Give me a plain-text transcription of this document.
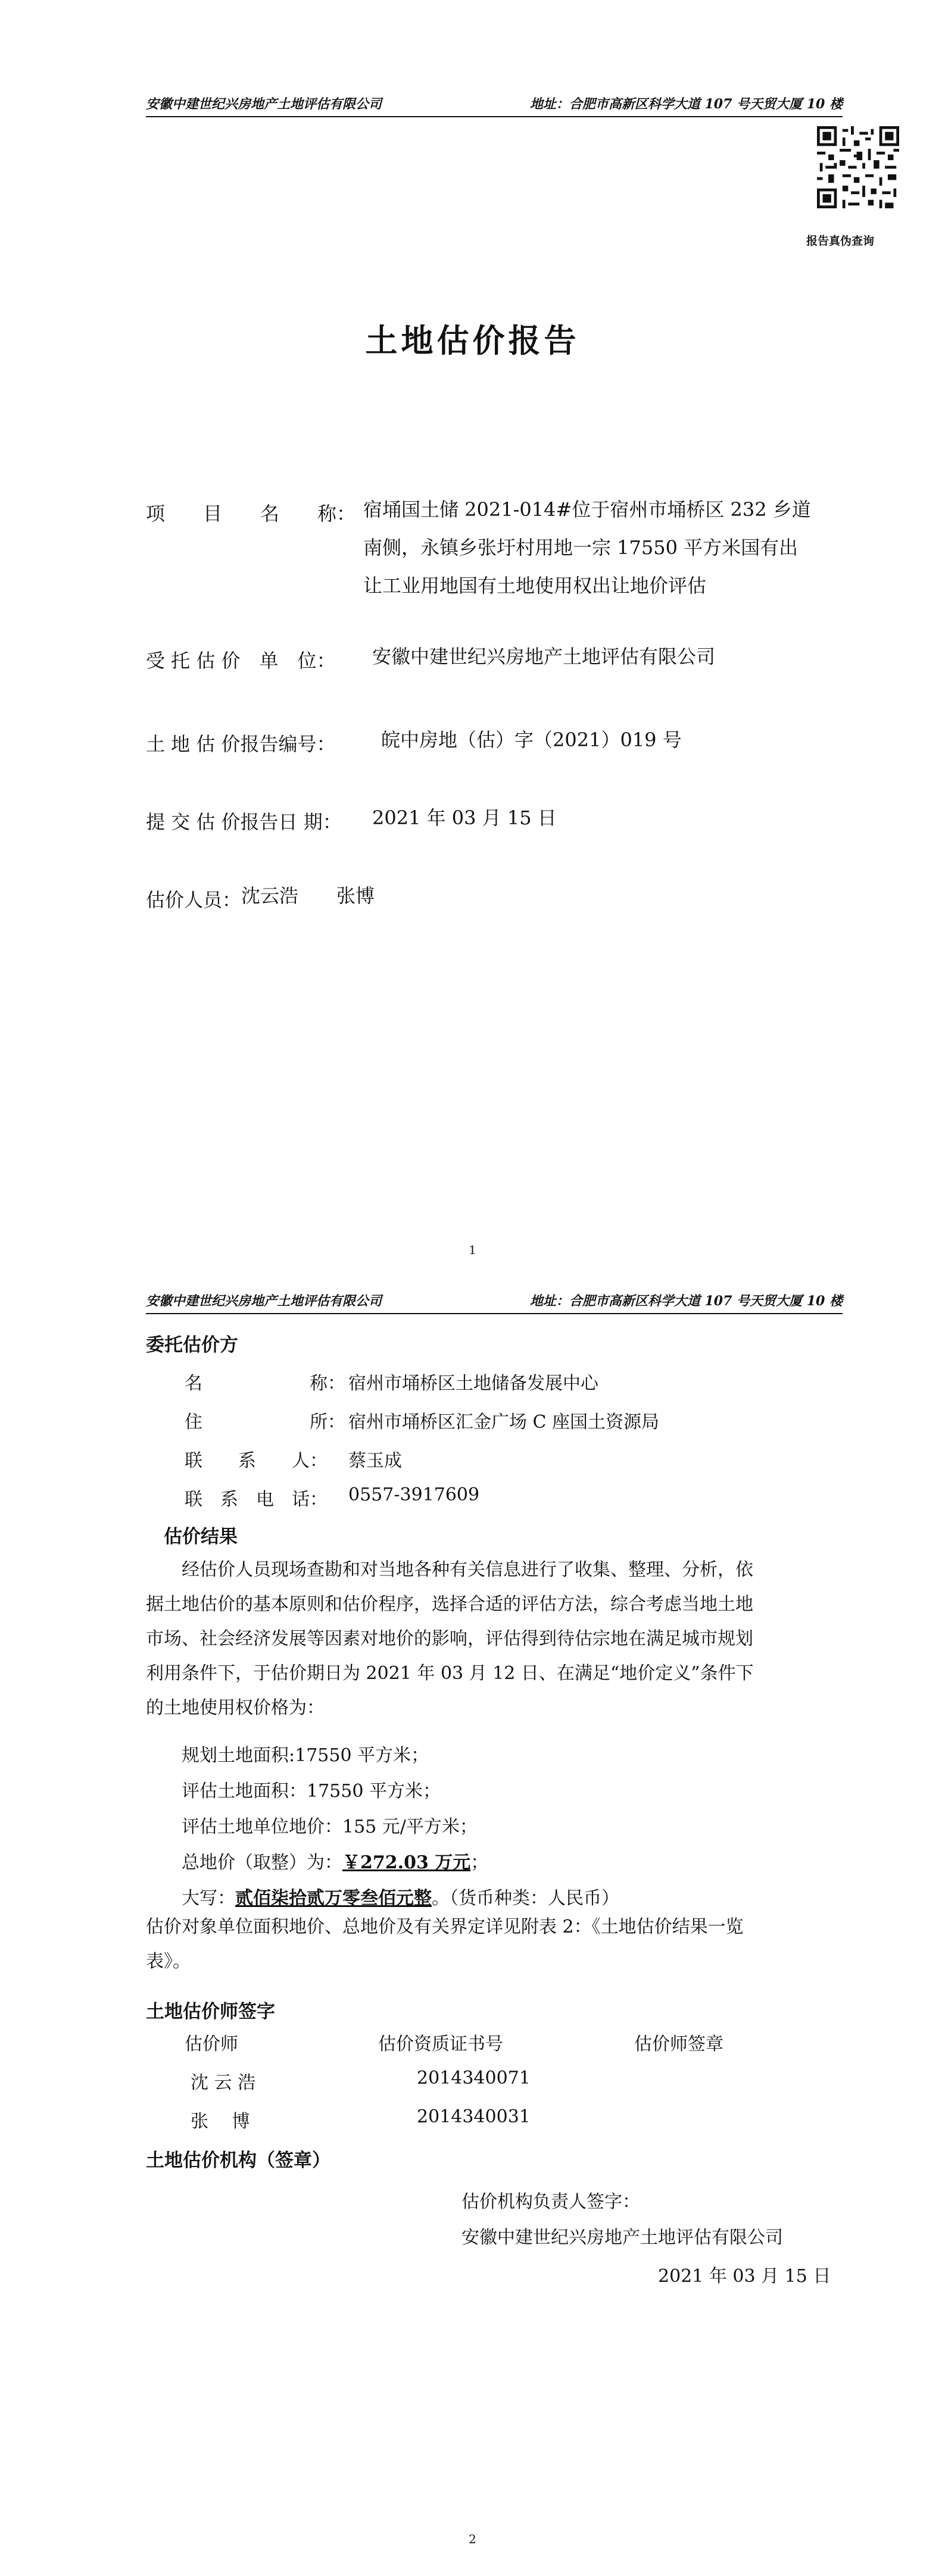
安徽中建世纪兴房地产土地评估有限公司	地址：合肥市高新区科学大道 107 号天贸大厦 10 楼
报告真伪查询
土地估价报告
项　　目　　名　　称： 宿埇国土储 2021-014#位于宿州市埇桥区 232 乡道
南侧，永镇乡张圩村用地一宗 17550 平方米国有出
让工业用地国有土地使用权出让地价评估
受 托 估 价　单　位： 安徽中建世纪兴房地产土地评估有限公司
土 地 估 价报告编号： 皖中房地（估）字（2021）019 号
提 交 估 价报告日 期： 2021 年 03 月 15 日
估价人员： 沈云浩　　张博
1
安徽中建世纪兴房地产土地评估有限公司	地址：合肥市高新区科学大道 107 号天贸大厦 10 楼
委托估价方
名　　　　　　称： 宿州市埇桥区土地储备发展中心
住　　　　　　所： 宿州市埇桥区汇金广场 C 座国土资源局
联　　系　　人： 蔡玉成
联　系　电　话： 0557-3917609
估价结果
经估价人员现场查勘和对当地各种有关信息进行了收集、整理、分析，依
据土地估价的基本原则和估价程序，选择合适的评估方法，综合考虑当地土地
市场、社会经济发展等因素对地价的影响，评估得到待估宗地在满足城市规划
利用条件下，于估价期日为 2021 年 03 月 12 日、在满足“地价定义”条件下
的土地使用权价格为：
规划土地面积:17550 平方米；
评估土地面积：17550 平方米；
评估土地单位地价：155 元/平方米；
总地价（取整）为：￥272.03 万元；
大写：贰佰柒拾贰万零叁佰元整。（货币种类：人民币）
估价对象单位面积地价、总地价及有关界定详见附表 2：《土地估价结果一览
表》。
土地估价师签字
估价师	估价资质证书号	估价师签章
沈 云 浩	2014340071
张　 博	2014340031
土地估价机构（签章）
估价机构负责人签字：
安徽中建世纪兴房地产土地评估有限公司
2021 年 03 月 15 日
2
